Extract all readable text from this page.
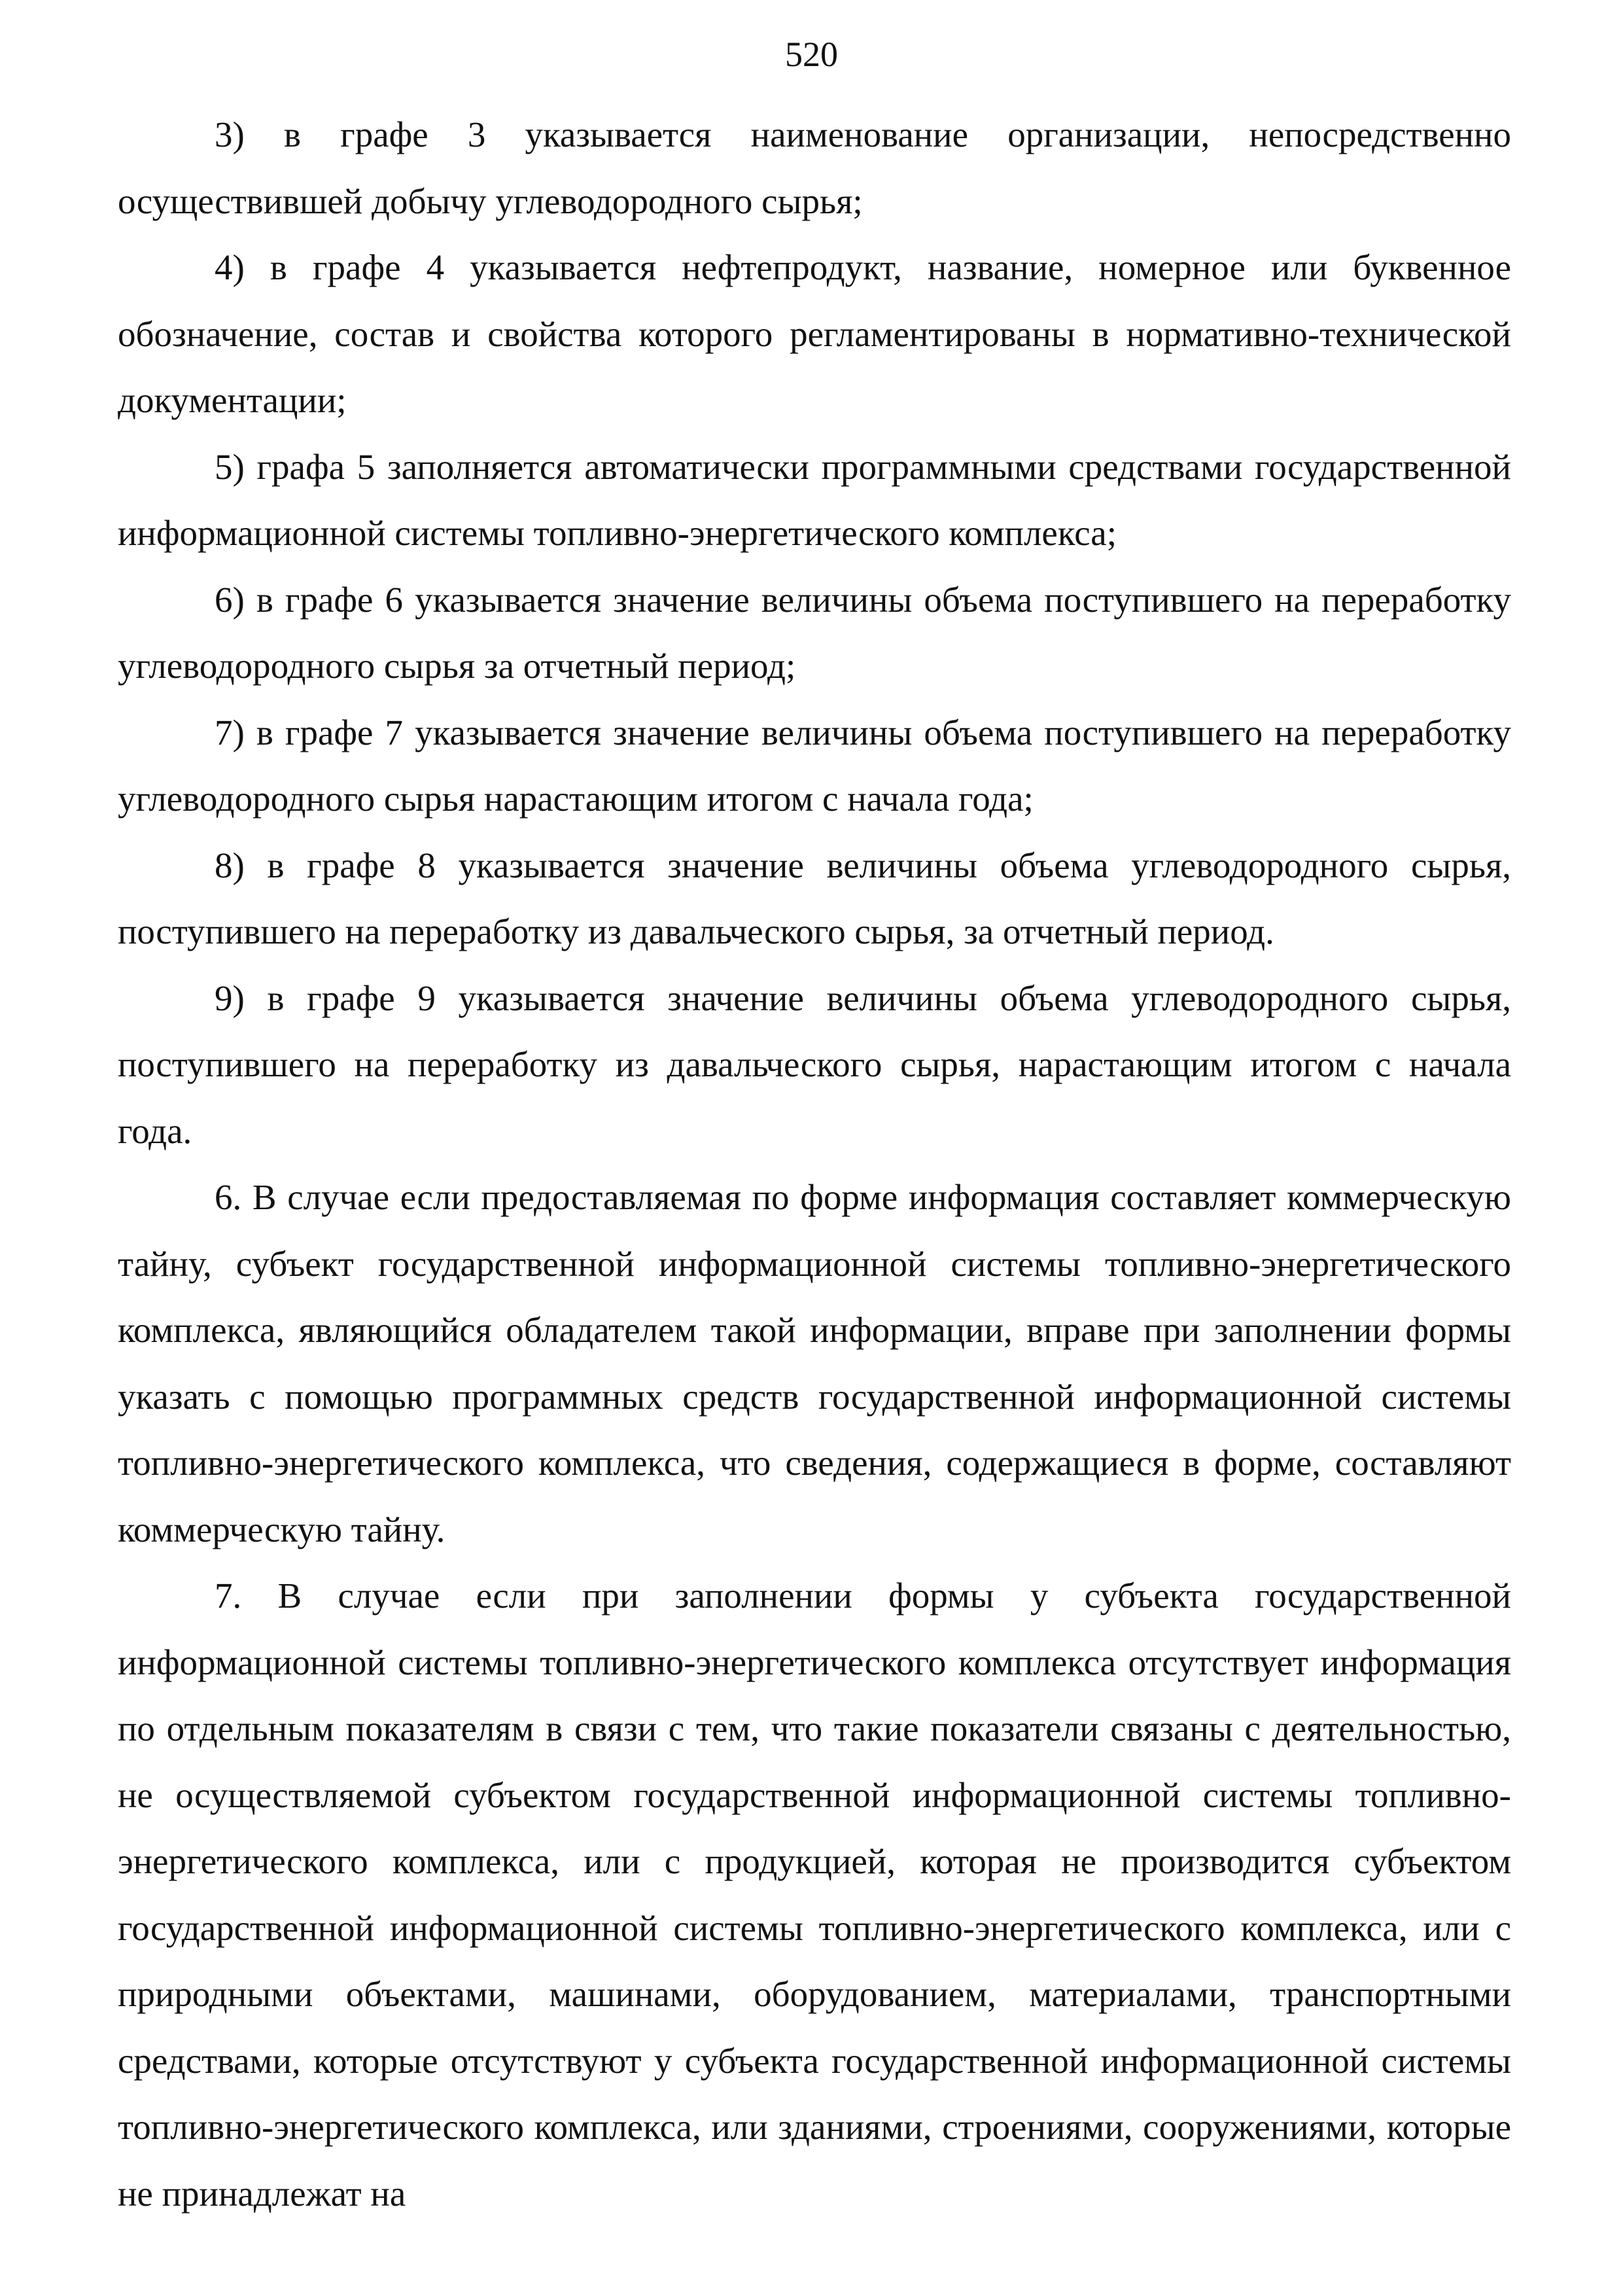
520

3) в графе 3 указывается наименование организации, непосредственно осуществившей добычу углеводородного сырья;

4) в графе 4 указывается нефтепродукт, название, номерное или буквенное обозначение, состав и свойства которого регламентированы в нормативно-технической документации;

5) графа 5 заполняется автоматически программными средствами государственной информационной системы топливно-энергетического комплекса;

6) в графе 6 указывается значение величины объема поступившего на переработку углеводородного сырья за отчетный период;

7) в графе 7 указывается значение величины объема поступившего на переработку углеводородного сырья нарастающим итогом с начала года;

8) в графе 8 указывается значение величины объема углеводородного сырья, поступившего на переработку из давальческого сырья, за отчетный период.

9) в графе 9 указывается значение величины объема углеводородного сырья, поступившего на переработку из давальческого сырья, нарастающим итогом с начала года.

6. В случае если предоставляемая по форме информация составляет коммерческую тайну, субъект государственной информационной системы топливно-энергетического комплекса, являющийся обладателем такой информации, вправе при заполнении формы указать с помощью программных средств государственной информационной системы топливно-энергетического комплекса, что сведения, содержащиеся в форме, составляют коммерческую тайну.

7. В случае если при заполнении формы у субъекта государственной информационной системы топливно-энергетического комплекса отсутствует информация по отдельным показателям в связи с тем, что такие показатели связаны с деятельностью, не осуществляемой субъектом государственной информационной системы топливно-энергетического комплекса, или с продукцией, которая не производится субъектом государственной информационной системы топливно-энергетического комплекса, или с природными объектами, машинами, оборудованием, материалами, транспортными средствами, которые отсутствуют у субъекта государственной информационной системы топливно-энергетического комплекса, или зданиями, строениями, сооружениями, которые не принадлежат на
